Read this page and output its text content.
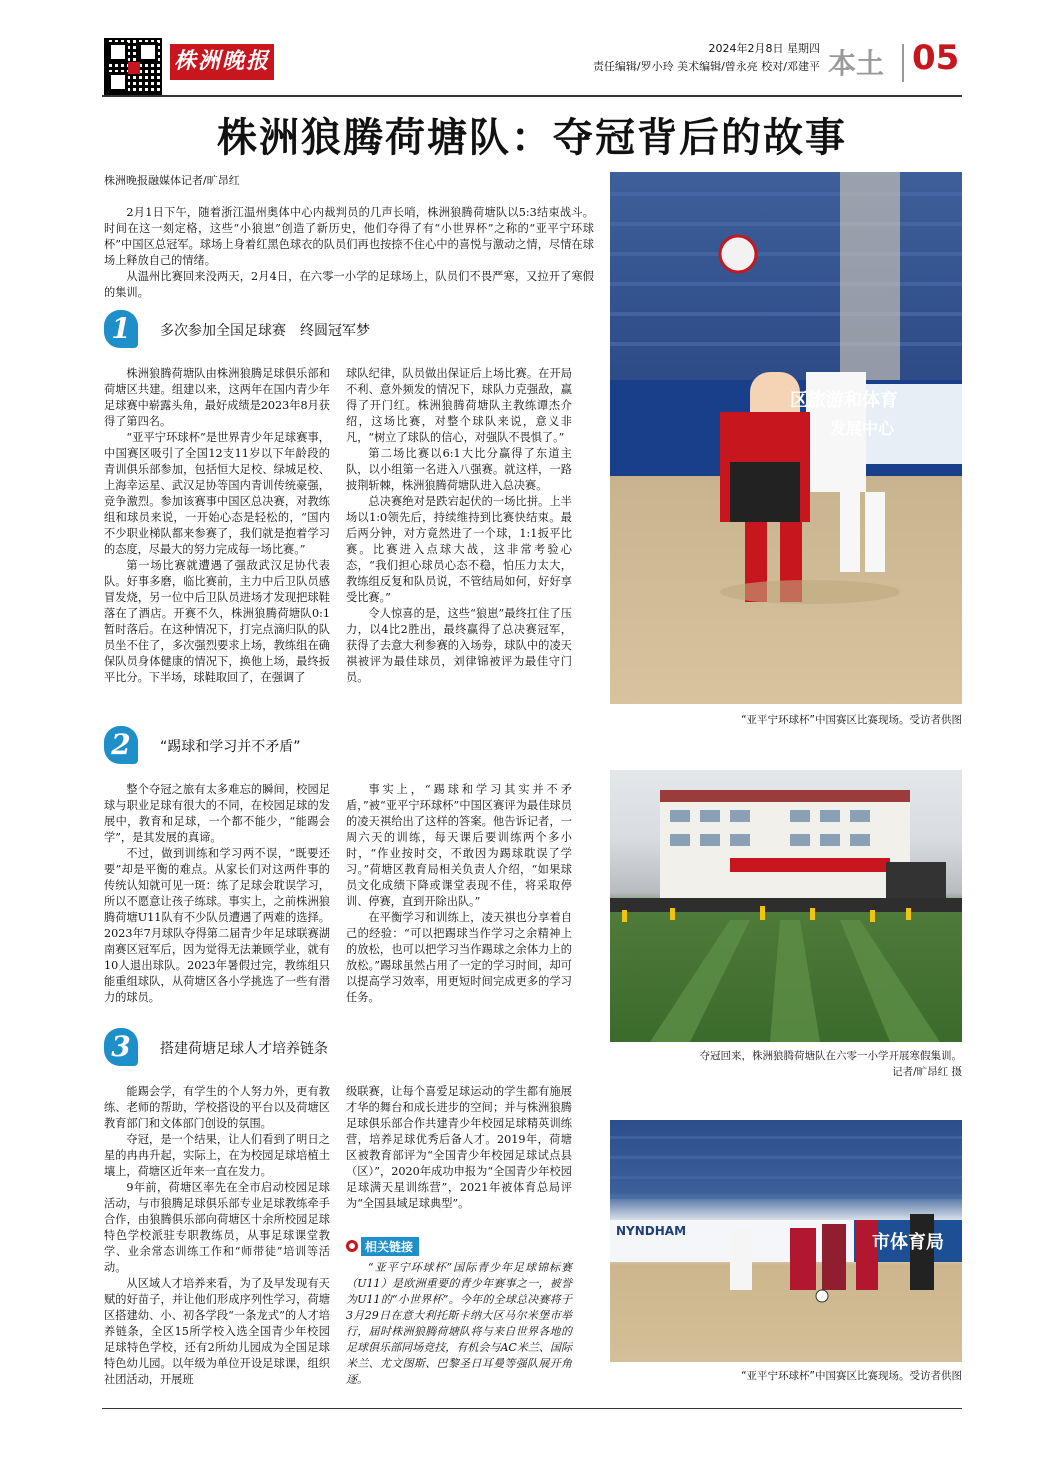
株洲晚报
2024年2月8日 星期四
责任编辑/罗小玲 美术编辑/曾永亮 校对/邓建平 本土 05
株洲狼腾荷塘队：夺冠背后的故事
株洲晚报融媒体记者/旷昂红

2月1日下午，随着浙江温州奥体中心内裁判员的几声长哨，株洲狼腾荷塘队以5:3结束战斗。时间在这一刻定格，这些“小狼崽”创造了新历史，他们夺得了有“小世界杯”之称的“亚平宁环球杯”中国区总冠军。球场上身着红黑色球衣的队员们再也按捺不住心中的喜悦与激动之情，尽情在球场上释放自己的情绪。

从温州比赛回来没两天，2月4日，在六零一小学的足球场上，队员们不畏严寒，又拉开了寒假的集训。

1	多次参加全国足球赛　终圆冠军梦

株洲狼腾荷塘队由株洲狼腾足球俱乐部和荷塘区共建。组建以来，这两年在国内青少年足球赛中崭露头角，最好成绩是2023年8月获得了第四名。

“亚平宁环球杯”是世界青少年足球赛事，中国赛区吸引了全国12支11岁以下年龄段的青训俱乐部参加，包括恒大足校、绿城足校、上海幸运星、武汉足协等国内青训传统豪强，竞争激烈。参加该赛事中国区总决赛，对教练组和球员来说，一开始心态是轻松的，“国内不少职业梯队都来参赛了，我们就是抱着学习的态度，尽最大的努力完成每一场比赛。”

第一场比赛就遭遇了强敌武汉足协代表队。好事多磨，临比赛前，主力中后卫队员感冒发烧，另一位中后卫队员进场才发现把球鞋落在了酒店。开赛不久，株洲狼腾荷塘队0:1暂时落后。在这种情况下，打完点滴归队的队员坐不住了，多次强烈要求上场，教练组在确保队员身体健康的情况下，换他上场，最终扳平比分。下半场，球鞋取回了，在强调了

球队纪律，队员做出保证后上场比赛。在开局不利、意外频发的情况下，球队力克强敌，赢得了开门红。株洲狼腾荷塘队主教练谭杰介绍，这场比赛，对整个球队来说，意义非凡，“树立了球队的信心，对强队不畏惧了。”

第二场比赛以6:1大比分赢得了东道主队，以小组第一名进入八强赛。就这样，一路披荆斩棘，株洲狼腾荷塘队进入总决赛。

总决赛绝对是跌宕起伏的一场比拼。上半场以1:0领先后，持续维持到比赛快结束。最后两分钟，对方竟然进了一个球，1:1扳平比赛。比赛进入点球大战，这非常考验心态，“我们担心球员心态不稳，怕压力太大，教练组反复和队员说，不管结局如何，好好享受比赛。”

令人惊喜的是，这些“狼崽”最终扛住了压力，以4比2胜出，最终赢得了总决赛冠军，获得了去意大利参赛的入场券，球队中的凌天祺被评为最佳球员，刘律锦被评为最佳守门员。

2	“踢球和学习并不矛盾”

整个夺冠之旅有太多难忘的瞬间，校园足球与职业足球有很大的不同，在校园足球的发展中，教育和足球，一个都不能少，“能踢会学”，是其发展的真谛。

不过，做到训练和学习两不误，“既要还要”却是平衡的难点。从家长们对这两件事的传统认知就可见一斑：练了足球会耽误学习，所以不愿意让孩子练球。事实上，之前株洲狼腾荷塘U11队有不少队员遭遇了两难的选择。2023年7月球队夺得第二届青少年足球联赛湖南赛区冠军后，因为觉得无法兼顾学业，就有10人退出球队。2023年暑假过完，教练组只能重组球队，从荷塘区各小学挑选了一些有潜力的球员。

事实上，“踢球和学习其实并不矛盾，”被“亚平宁环球杯”中国区赛评为最佳球员的凌天祺给出了这样的答案。他告诉记者，一周六天的训练，每天课后要训练两个多小时，“作业按时交，不敢因为踢球耽误了学习。”荷塘区教育局相关负责人介绍，“如果球员文化成绩下降或课堂表现不佳，将采取停训、停赛，直到开除出队。”

在平衡学习和训练上，凌天祺也分享着自己的经验：“可以把踢球当作学习之余精神上的放松，也可以把学习当作踢球之余体力上的放松。”踢球虽然占用了一定的学习时间，却可以提高学习效率，用更短时间完成更多的学习任务。

3	搭建荷塘足球人才培养链条

能踢会学，有学生的个人努力外，更有教练、老师的帮助，学校搭设的平台以及荷塘区教育部门和文体部门创设的氛围。

夺冠，是一个结果，让人们看到了明日之星的冉冉升起，实际上，在为校园足球培植土壤上，荷塘区近年来一直在发力。

9年前，荷塘区率先在全市启动校园足球活动，与市狼腾足球俱乐部专业足球教练牵手合作，由狼腾俱乐部向荷塘区十余所校园足球特色学校派驻专职教练员，从事足球课堂教学、业余常态训练工作和“师带徒”培训等活动。

从区域人才培养来看，为了及早发现有天赋的好苗子，并让他们形成序列性学习，荷塘区搭建幼、小、初各学段“一条龙式”的人才培养链条，全区15所学校入选全国青少年校园足球特色学校，还有2所幼儿园成为全国足球特色幼儿园。以年级为单位开设足球课，组织社团活动，开展班

级联赛，让每个喜爱足球运动的学生都有施展才华的舞台和成长进步的空间；并与株洲狼腾足球俱乐部合作共建青少年校园足球精英训练营，培养足球优秀后备人才。2019年，荷塘区被教育部评为“全国青少年校园足球试点县（区）”，2020年成功申报为“全国青少年校园足球满天星训练营”，2021年被体育总局评为“全国县域足球典型”。

相关链接

“亚平宁环球杯”国际青少年足球锦标赛（U11）是欧洲重要的青少年赛事之一，被誉为U11的“小世界杯”。今年的全球总决赛将于3月29日在意大利托斯卡纳大区马尔米堡市举行，届时株洲狼腾荷塘队将与来自世界各地的足球俱乐部同场竞技，有机会与AC米兰、国际米兰、尤文图斯、巴黎圣日耳曼等强队展开角逐。

区旅游和体育
发展中心
“亚平宁环球杯”中国赛区比赛现场。受访者供图
夺冠回来，株洲狼腾荷塘队在六零一小学开展寒假集训。
记者/旷昂红 摄
NYNDHAM
市体育局
“亚平宁环球杯”中国赛区比赛现场。受访者供图
